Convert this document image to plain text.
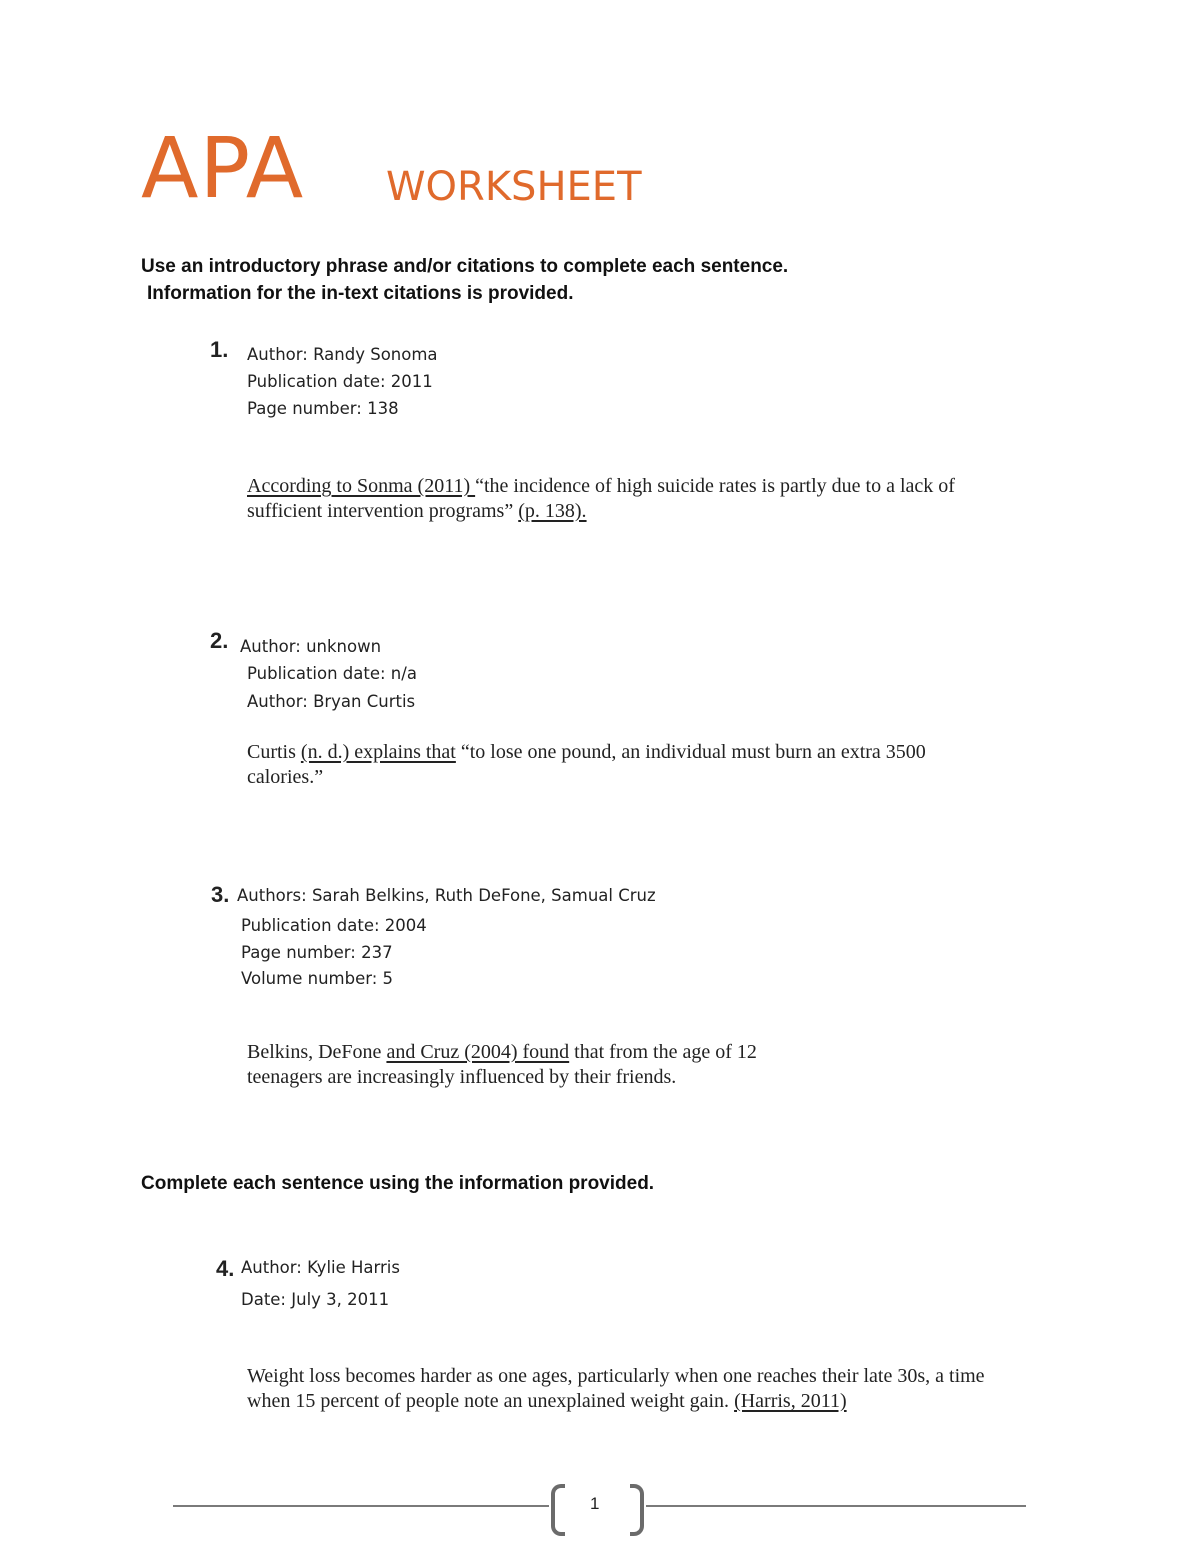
APA WORKSHEET
Use an introductory phrase and/or citations to complete each sentence.
Information for the in-text citations is provided.
1. Author: Randy Sonoma
Publication date: 2011
Page number: 138
According to Sonma (2011) “the incidence of high suicide rates is partly due to a lack of
sufficient intervention programs” (p. 138).
2. Author: unknown
Publication date: n/a
Author: Bryan Curtis
Curtis (n. d.) explains that “to lose one pound, an individual must burn an extra 3500
calories.”
3. Authors: Sarah Belkins, Ruth DeFone, Samual Cruz
Publication date: 2004
Page number: 237
Volume number: 5
Belkins, DeFone and Cruz (2004) found that from the age of 12
teenagers are increasingly influenced by their friends.
Complete each sentence using the information provided.
4. Author: Kylie Harris
Date: July 3, 2011
Weight loss becomes harder as one ages, particularly when one reaches their late 30s, a time
when 15 percent of people note an unexplained weight gain. (Harris, 2011)
1
